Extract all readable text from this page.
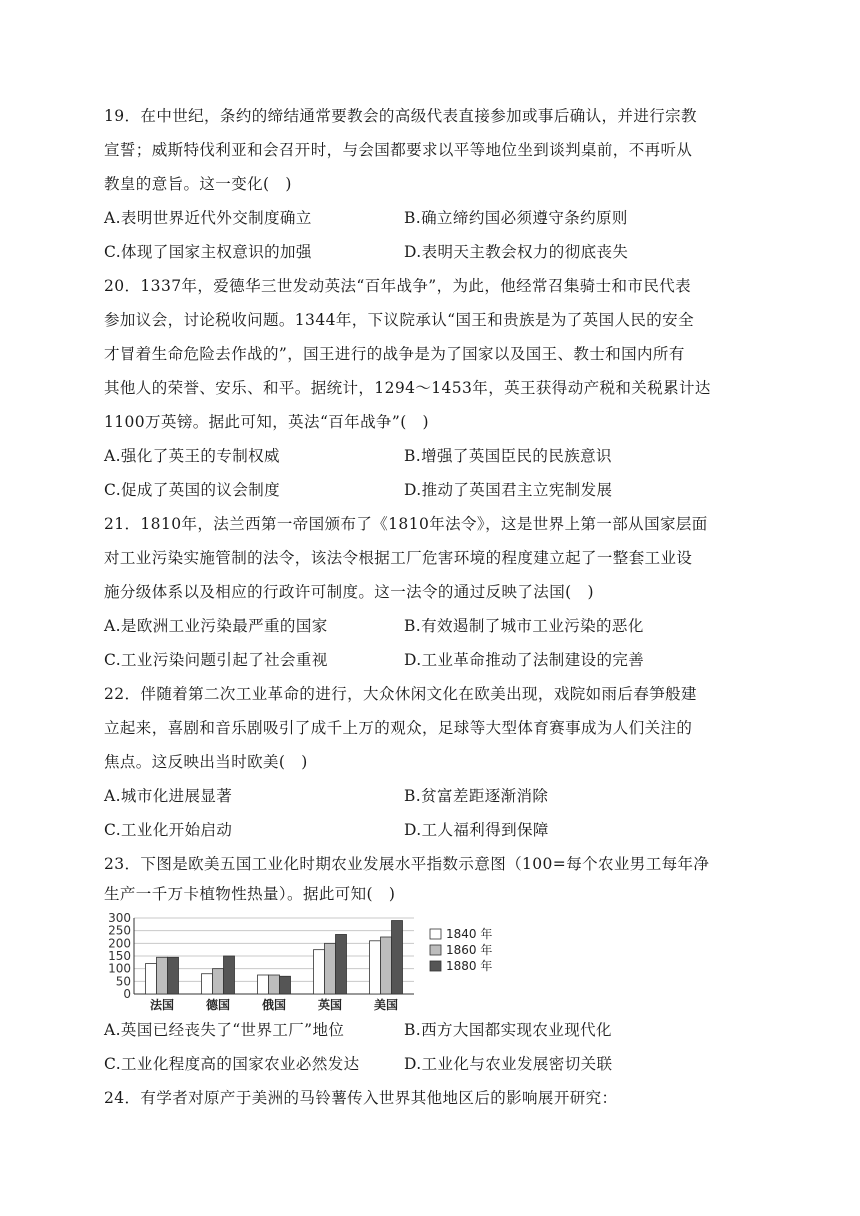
19．在中世纪，条约的缔结通常要教会的高级代表直接参加或事后确认，并进行宗教
宣誓；威斯特伐利亚和会召开时，与会国都要求以平等地位坐到谈判桌前，不再听从
教皇的意旨。这一变化(　)
A.表明世界近代外交制度确立	B.确立缔约国必须遵守条约原则
C.体现了国家主权意识的加强	D.表明天主教会权力的彻底丧失
20．1337年，爱德华三世发动英法“百年战争”，为此，他经常召集骑士和市民代表
参加议会，讨论税收问题。1344年，下议院承认“国王和贵族是为了英国人民的安全
才冒着生命危险去作战的”，国王进行的战争是为了国家以及国王、教士和国内所有
其他人的荣誉、安乐、和平。据统计，1294～1453年，英王获得动产税和关税累计达
1100万英镑。据此可知，英法“百年战争”(　)
A.强化了英王的专制权威	B.增强了英国臣民的民族意识
C.促成了英国的议会制度	D.推动了英国君主立宪制发展
21．1810年，法兰西第一帝国颁布了《1810年法令》，这是世界上第一部从国家层面
对工业污染实施管制的法令，该法令根据工厂危害环境的程度建立起了一整套工业设
施分级体系以及相应的行政许可制度。这一法令的通过反映了法国(　)
A.是欧洲工业污染最严重的国家	B.有效遏制了城市工业污染的恶化
C.工业污染问题引起了社会重视	D.工业革命推动了法制建设的完善
22．伴随着第二次工业革命的进行，大众休闲文化在欧美出现，戏院如雨后春笋般建
立起来，喜剧和音乐剧吸引了成千上万的观众，足球等大型体育赛事成为人们关注的
焦点。这反映出当时欧美(　)
A.城市化进展显著	B.贫富差距逐渐消除
C.工业化开始启动	D.工人福利得到保障
23．下图是欧美五国工业化时期农业发展水平指数示意图（100=每个农业男工每年净
生产一千万卡植物性热量）。据此可知(　)
300
250
200
150
100
50
0
法国	德国	俄国	英国	美国
1840 年
1860 年
1880 年
A.英国已经丧失了“世界工厂”地位	B.西方大国都实现农业现代化
C.工业化程度高的国家农业必然发达	D.工业化与农业发展密切关联
24．有学者对原产于美洲的马铃薯传入世界其他地区后的影响展开研究：
